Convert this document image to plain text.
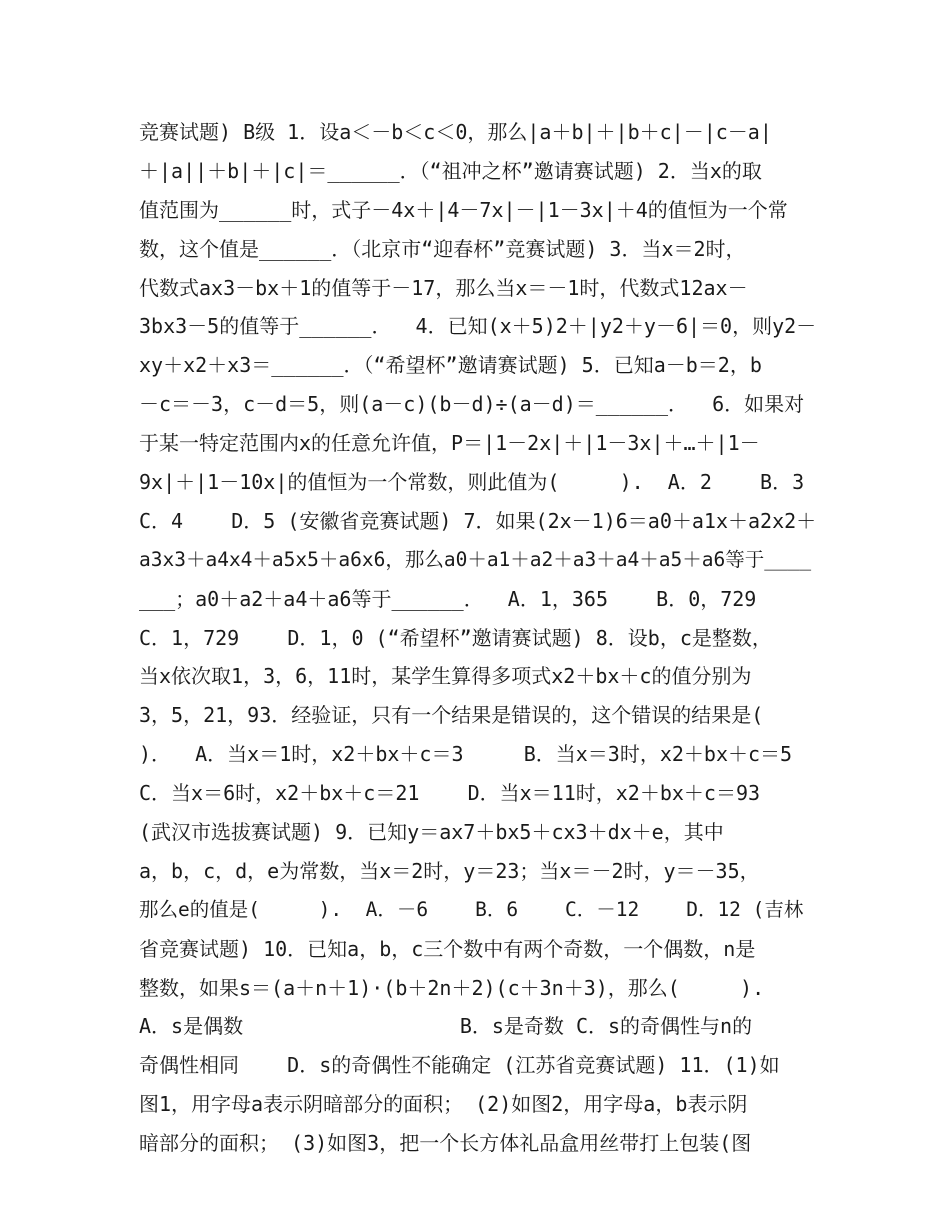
竞赛试题) B级 1．设a＜－b＜c＜0，那么|a＋b|＋|b＋c|－|c－a|
＋|a||＋b|＋|c|＝______．（“祖冲之杯”邀请赛试题) 2．当x的取
值范围为______时，式子－4x＋|4－7x|－|1－3x|＋4的值恒为一个常
数，这个值是______．（北京市“迎春杯”竞赛试题) 3．当x＝2时，
代数式ax3－bx＋1的值等于－17，那么当x＝－1时，代数式12ax－
3bx3－5的值等于______．  4．已知(x＋5)2＋|y2＋y－6|＝0，则y2－
xy＋x2＋x3＝______．（“希望杯”邀请赛试题) 5．已知a－b＝2，b
－c＝－3，c－d＝5，则(a－c)(b－d)÷(a－d)＝______．  6．如果对
于某一特定范围内x的任意允许值，P＝|1－2x|＋|1－3x|＋…＋|1－
9x|＋|1－10x|的值恒为一个常数，则此值为(     ).  A．2    B．3
C．4    D．5 (安徽省竞赛试题) 7．如果(2x－1)6＝a0＋a1x＋a2x2＋
a3x3＋a4x4＋a5x5＋a6x6，那么a0＋a1＋a2＋a3＋a4＋a5＋a6等于____
___；a0＋a2＋a4＋a6等于______．  A．1，365    B．0，729
C．1，729    D．1，0 (“希望杯”邀请赛试题) 8．设b，c是整数，
当x依次取1，3，6，11时，某学生算得多项式x2＋bx＋c的值分别为
3，5，21，93．经验证，只有一个结果是错误的，这个错误的结果是(
)．  A．当x＝1时，x2＋bx＋c＝3     B．当x＝3时，x2＋bx＋c＝5
C．当x＝6时，x2＋bx＋c＝21    D．当x＝11时，x2＋bx＋c＝93
(武汉市选拔赛试题) 9．已知y＝ax7＋bx5＋cx3＋dx＋e，其中
a，b，c，d，e为常数，当x＝2时，y＝23；当x＝－2时，y＝－35，
那么e的值是(     ).  A．－6    B．6    C．－12    D．12 (吉林
省竞赛试题) 10．已知a，b，c三个数中有两个奇数，一个偶数，n是
整数，如果s＝(a＋n＋1)·(b＋2n＋2)(c＋3n＋3)，那么(     ).
A．s是偶数                  B．s是奇数 C．s的奇偶性与n的
奇偶性相同    D．s的奇偶性不能确定 (江苏省竞赛试题) 11．(1)如
图1，用字母a表示阴暗部分的面积； (2)如图2，用字母a，b表示阴
暗部分的面积； (3)如图3，把一个长方体礼品盒用丝带打上包装(图
